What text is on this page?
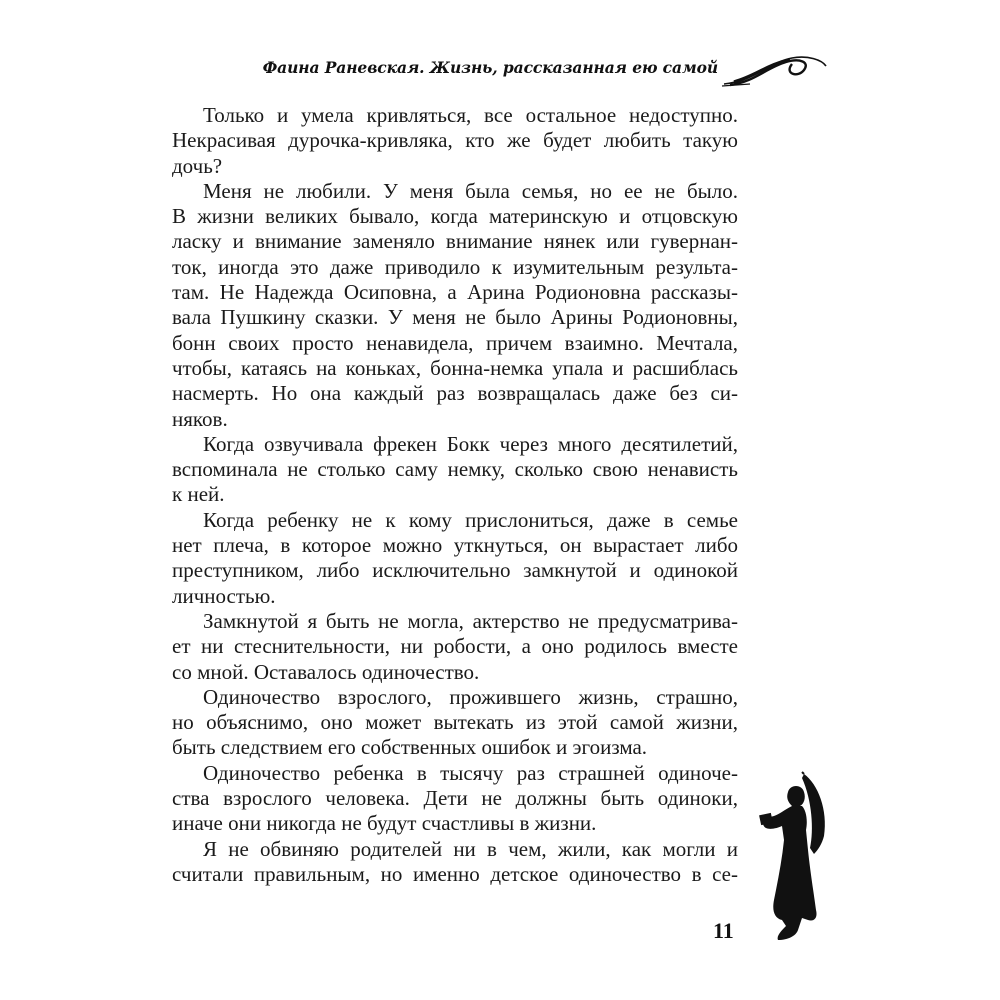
Фаина Раневская. Жизнь, рассказанная ею самой
Только и умела кривляться, все остальное недоступно.
Некрасивая дурочка-кривляка, кто же будет любить такую
дочь?
Меня не любили. У меня была семья, но ее не было.
В жизни великих бывало, когда материнскую и отцовскую
ласку и внимание заменяло внимание нянек или гувернан-
ток, иногда это даже приводило к изумительным результа-
там. Не Надежда Осиповна, а Арина Родионовна рассказы-
вала Пушкину сказки. У меня не было Арины Родионовны,
бонн своих просто ненавидела, причем взаимно. Мечтала,
чтобы, катаясь на коньках, бонна-немка упала и расшиблась
насмерть. Но она каждый раз возвращалась даже без си-
няков.
Когда озвучивала фрекен Бокк через много десятилетий,
вспоминала не столько саму немку, сколько свою ненависть
к ней.
Когда ребенку не к кому прислониться, даже в семье
нет плеча, в которое можно уткнуться, он вырастает либо
преступником, либо исключительно замкнутой и одинокой
личностью.
Замкнутой я быть не могла, актерство не предусматрива-
ет ни стеснительности, ни робости, а оно родилось вместе
со мной. Оставалось одиночество.
Одиночество взрослого, прожившего жизнь, страшно,
но объяснимо, оно может вытекать из этой самой жизни,
быть следствием его собственных ошибок и эгоизма.
Одиночество ребенка в тысячу раз страшней одиноче-
ства взрослого человека. Дети не должны быть одиноки,
иначе они никогда не будут счастливы в жизни.
Я не обвиняю родителей ни в чем, жили, как могли и
считали правильным, но именно детское одиночество в се-
11
